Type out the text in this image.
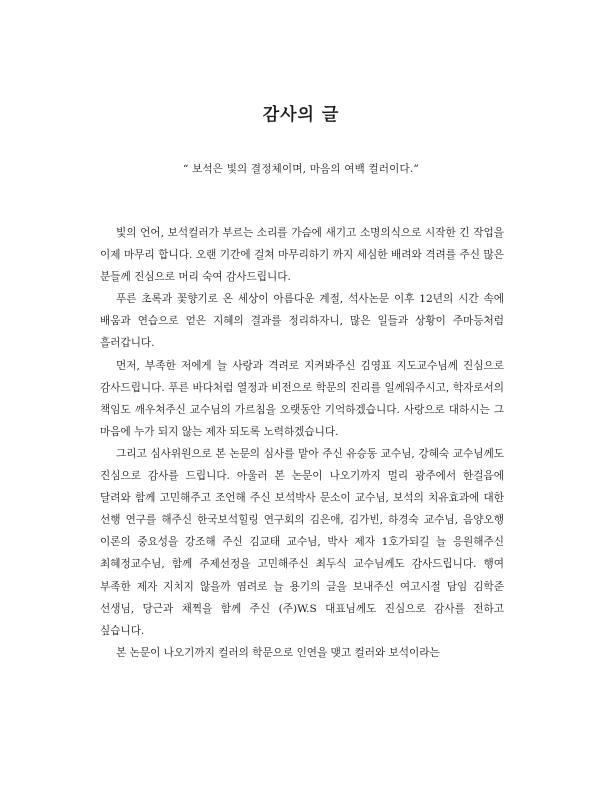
감사의 글
“ 보석은 빛의 결정체이며, 마음의 여백 컬러이다.”

빛의 언어, 보석컬러가 부르는 소리를 가슴에 새기고 소명의식으로 시작한 긴 작업을 이제 마무리 합니다. 오랜 기간에 걸쳐 마무리하기 까지 세심한 배려와 격려를 주신 많은 분들께 진심으로 머리 숙여 감사드립니다.

푸른 초록과 꽃향기로 온 세상이 아름다운 계절, 석사논문 이후 12년의 시간 속에 배움과 연습으로 얻은 지혜의 결과를 정리하자니, 많은 일들과 상황이 주마등처럼 흘러갑니다.

먼저, 부족한 저에게 늘 사랑과 격려로 지켜봐주신 김영표 지도교수님께 진심으로 감사드립니다. 푸른 바다처럼 열정과 비전으로 학문의 진리를 일께워주시고, 학자로서의 책임도 깨우쳐주신 교수님의 가르침을 오랫동안 기억하겠습니다. 사랑으로 대하시는 그 마음에 누가 되지 않는 제자 되도록 노력하겠습니다.

그리고 심사위원으로 본 논문의 심사를 맡아 주신 유승동 교수님, 강혜숙 교수님께도 진심으로 감사를 드립니다. 아울러 본 논문이 나오기까지 멀리 광주에서 한걸음에 달려와 함께 고민해주고 조언해 주신 보석박사 문소이 교수님, 보석의 치유효과에 대한 선행 연구를 해주신 한국보석힐링 연구회의 김은애, 김가빈, 하경숙 교수님, 음양오행 이론의 중요성을 강조해 주신 김교태 교수님, 박사 제자 1호가되길 늘 응원해주신 최혜정교수님, 함께 주제선정을 고민해주신 최두식 교수님께도 감사드립니다. 행여 부족한 제자 지치지 않을까 염려로 늘 용기의 글을 보내주신 여고시절 담임 김학준 선생님, 당근과 채찍을 함께 주신 (주)W.S 대표님께도 진심으로 감사를 전하고 싶습니다.

본 논문이 나오기까지 컬러의 학문으로 인연을 맺고 컬러와 보석이라는
